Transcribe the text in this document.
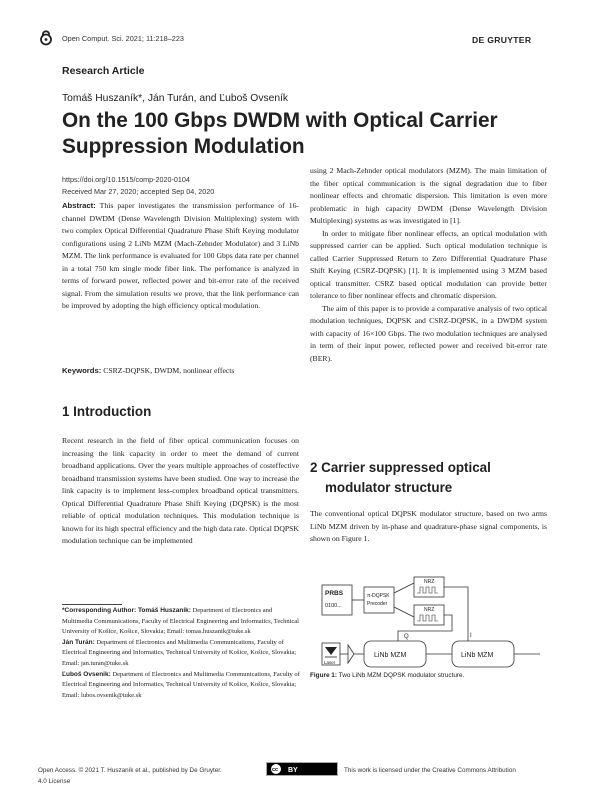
Open Comput. Sci. 2021; 11:218–223	DE GRUYTER
Research Article
Tomáš Huszaník*, Ján Turán, and Ľuboš Ovseník
On the 100 Gbps DWDM with Optical Carrier
Suppression Modulation
https://doi.org/10.1515/comp-2020-0104
Received Mar 27, 2020; accepted Sep 04, 2020

Abstract: This paper investigates the transmission performance of 16-channel DWDM (Dense Wavelength Division Multiplexing) system with two complex Optical Differential Quadrature Phase Shift Keying modulator configurations using 2 LiNb MZM (Mach-Zehnder Modulator) and 3 LiNb MZM. The link performance is evaluated for 100 Gbps data rate per channel in a total 750 km single mode fiber link. The perfomance is analyzed in terms of forward power, reflected power and bit-error rate of the received signal. From the simulation results we prove, that the link performance can be improved by adopting the high efficiency optical modulation.

Keywords: CSRZ-DQPSK, DWDM, nonlinear effects

1 Introduction

Recent research in the field of fiber optical communication focuses on increasing the link capacity in order to meet the demand of current broadband applications. Over the years multiple approaches of costeffective broadband transmission systems have been studied. One way to increase the link capacity is to implement less-complex broadband optical transmitters. Optical Differential Quadrature Phase Shift Keying (DQPSK) is the most reliable of optical modulation techniques. This modulation technique is known for its high spectral efficiency and the high data rate. Optical DQPSK modulation technique can be implemented

*Corresponding Author: Tomáš Huszaník: Department of Electronics and Multimedia Communications, Faculty of Electrical Engineering and Informatics, Technical University of Košice, Košice, Slovakia; Email: tomas.huszanik@tuke.sk
Ján Turán: Department of Electronics and Multimedia Communications, Faculty of Electrical Engineering and Informatics, Technical University of Košice, Košice, Slovakia; Email: jan.turan@tuke.sk
Ľuboš Ovsenik: Department of Electronics and Multimedia Communications, Faculty of Electrical Engineering and Informatics, Technical University of Košice, Košice, Slovakia; Email: lubos.ovsenik@tuke.sk

using 2 Mach-Zehnder optical modulators (MZM). The main limitation of the fiber optical communication is the signal degradation due to fiber nonlinear effects and chromatic dispersion. This limitation is even more problematic in high capacity DWDM (Dense Wavelength Division Multiplexing) systems as was investigated in [1].

In order to mitigate fiber nonlinear effects, an optical modulation with suppressed carrier can be applied. Such optical modulation technique is called Carrier Suppressed Return to Zero Differential Quadrature Phase Shift Keying (CSRZ-DQPSK) [1]. It is implemented using 3 MZM based optical transmitter. CSRZ based optical modulation can provide better tolerance to fiber nonlinear effects and chromatic dispersion.

The aim of this paper is to provide a comparative analysis of two optical modulation techniques, DQPSK and CSRZ-DQPSK, in a DWDM system with capacity of 16×100 Gbps. The two modulation techniques are analysed in term of their input power, reflected power and received bit-error rate (BER).

2 Carrier suppressed optical
modulator structure

The conventional optical DQPSK modulator structure, based on two arms LiNb MZM driven by in-phase and quadrature-phase signal components, is shown on Figure 1.

PRBS
0100...
π-DQPSK
Precoder
NRZ
NRZ
Q	I
Laser
LiNb MZM	LiNb MZM
Figure 1: Two LiNb MZM DQPSK modulator structure.
Open Access. © 2021 T. Huszaník et al., published by De Gruyter.	cc BY	This work is licensed under the Creative Commons Attribution
4.0 License
